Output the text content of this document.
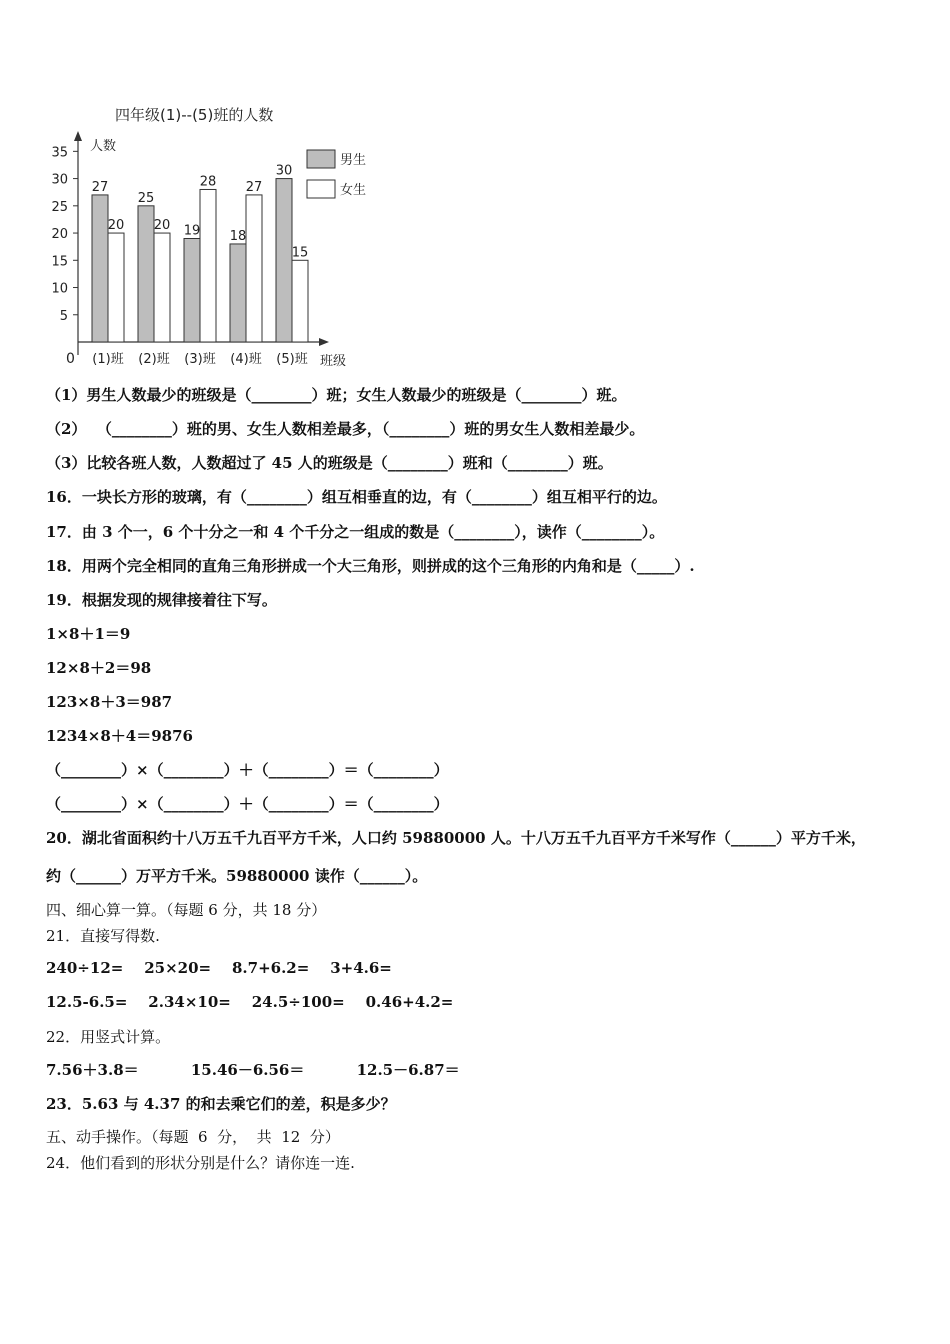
四年级(1)--(5)班的人数
人数
班级
0
5
10
15
20
25
30
35
27
20
25
20 19
28
18
27
30
15
(1)班 (2)班 (3)班 (4)班 (5)班
男生
女生
（1）男生人数最少的班级是（________）班；女生人数最少的班级是（________）班。
（2）  （________）班的男、女生人数相差最多，（________）班的男女生人数相差最少。
（3）比较各班人数，人数超过了 45 人的班级是（________）班和（________）班。
16．一块长方形的玻璃，有（________）组互相垂直的边，有（________）组互相平行的边。
17．由 3 个一，6 个十分之一和 4 个千分之一组成的数是（________），读作（________）。
18．用两个完全相同的直角三角形拼成一个大三角形，则拼成的这个三角形的内角和是（_____）.
19．根据发现的规律接着往下写。
1×8＋1＝9
12×8＋2＝98
123×8＋3＝987
1234×8＋4＝9876
（________）×（________）＋（________）＝（________）
（________）×（________）＋（________）＝（________）
20．湖北省面积约十八万五千九百平方千米，人口约 59880000 人。十八万五千九百平方千米写作（______）平方千米，
约（______）万平方千米。59880000 读作（______）。
四、细心算一算。（每题 6 分，共 18 分）
21．直接写得数.
240÷12=    25×20=    8.7+6.2=    3+4.6=
12.5-6.5=    2.34×10=    24.5÷100=    0.46+4.2=
22．用竖式计算。
7.56＋3.8＝          15.46－6.56＝          12.5－6.87＝
23．5.63 与 4.37 的和去乘它们的差，积是多少？
五、动手操作。（每题  6  分，  共  12  分）
24．他们看到的形状分别是什么？请你连一连.
